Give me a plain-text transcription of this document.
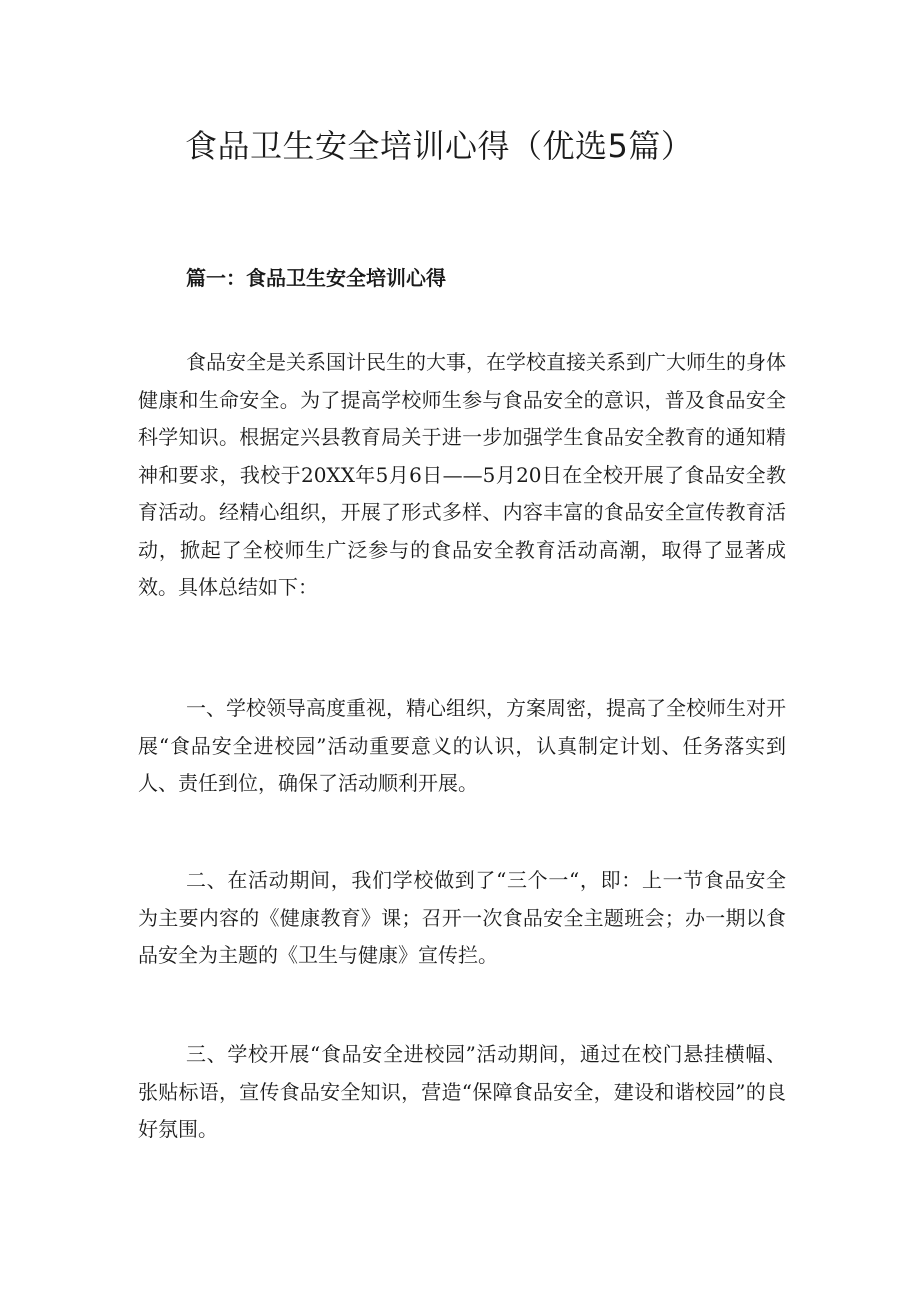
食品卫生安全培训心得（优选5篇）
篇一：食品卫生安全培训心得

食品安全是关系国计民生的大事，在学校直接关系到广大师生的身体健康和生命安全。为了提高学校师生参与食品安全的意识，普及食品安全科学知识。根据定兴县教育局关于进一步加强学生食品安全教育的通知精神和要求，我校于20XX年5月6日——5月20日在全校开展了食品安全教育活动。经精心组织，开展了形式多样、内容丰富的食品安全宣传教育活动，掀起了全校师生广泛参与的食品安全教育活动高潮，取得了显著成效。具体总结如下：

一、学校领导高度重视，精心组织，方案周密，提高了全校师生对开展“食品安全进校园”活动重要意义的认识，认真制定计划、任务落实到人、责任到位，确保了活动顺利开展。

二、在活动期间，我们学校做到了“三个一“，即：上一节食品安全为主要内容的《健康教育》课；召开一次食品安全主题班会；办一期以食品安全为主题的《卫生与健康》宣传拦。

三、学校开展“食品安全进校园”活动期间，通过在校门悬挂横幅、张贴标语，宣传食品安全知识，营造“保障食品安全，建设和谐校园”的良好氛围。
